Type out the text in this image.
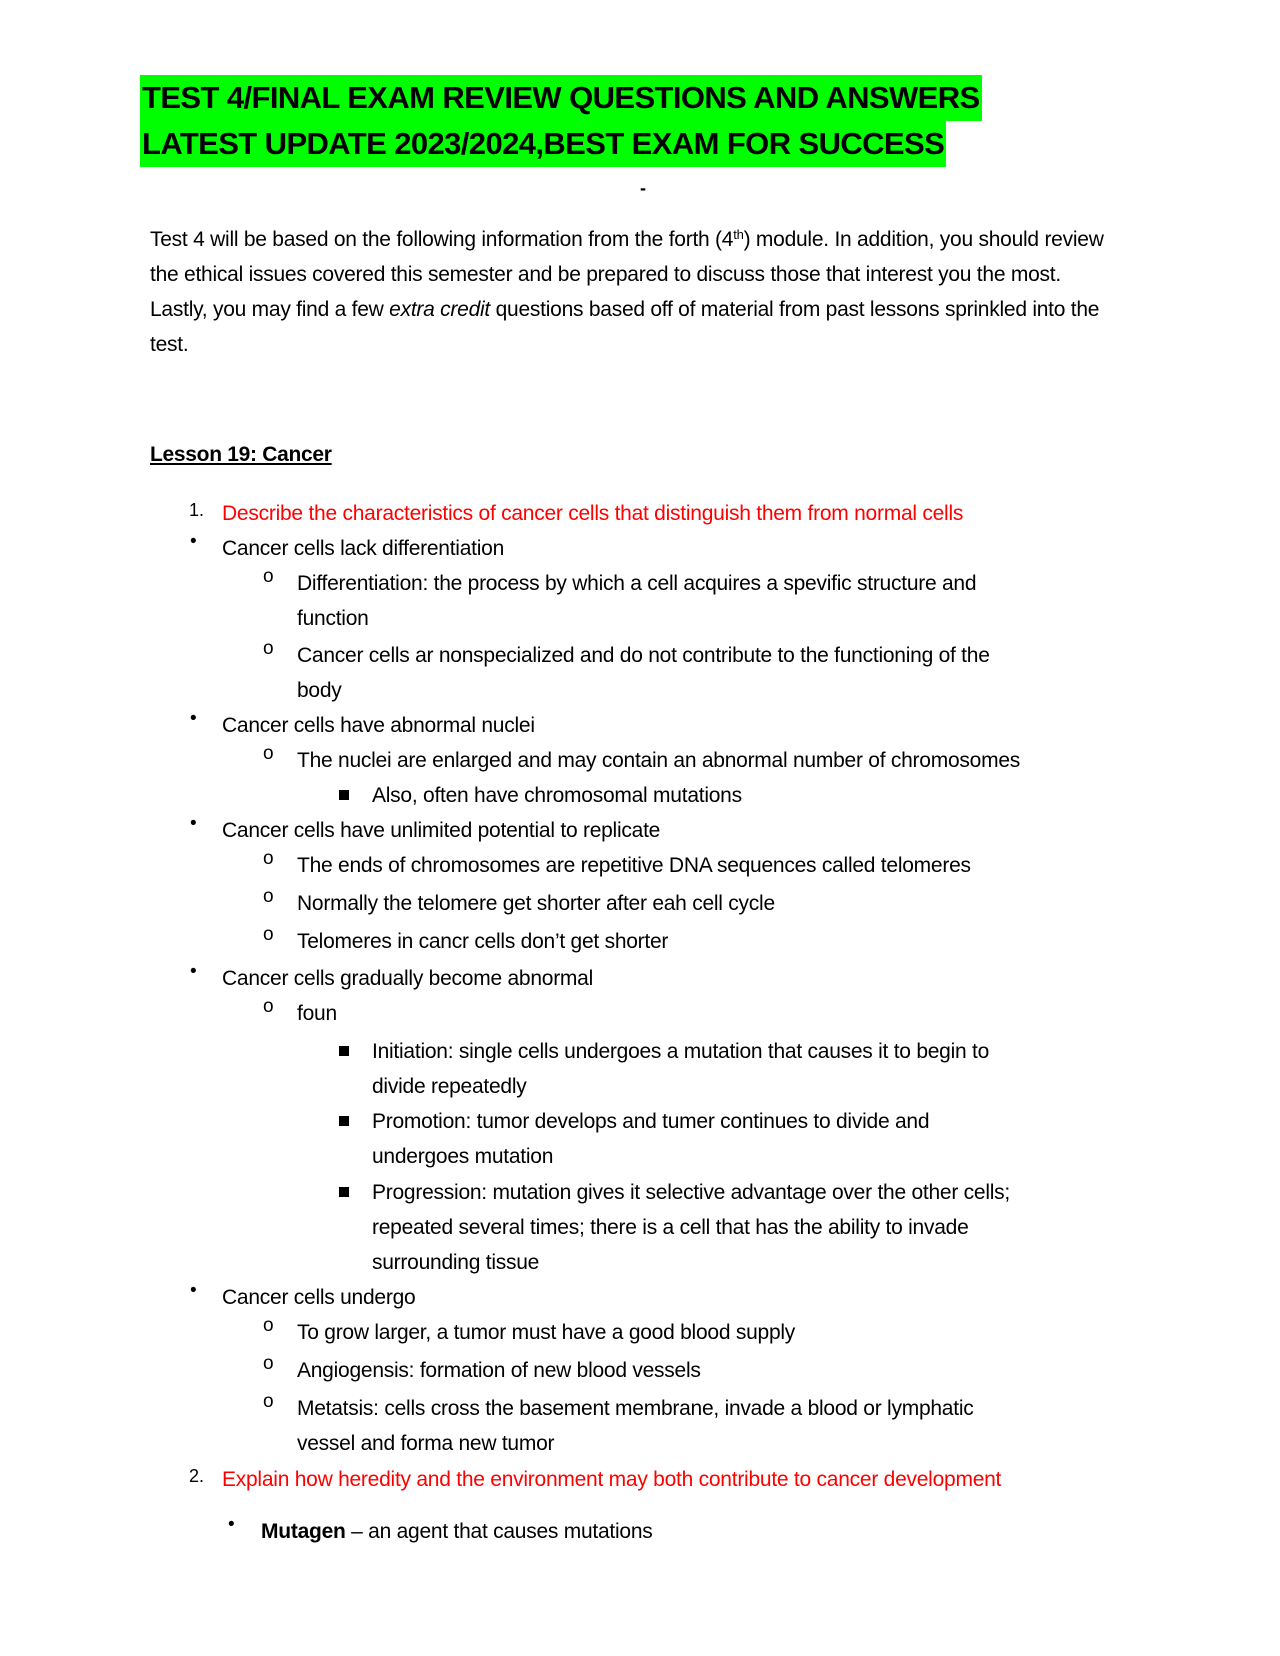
TEST 4/FINAL EXAM REVIEW QUESTIONS AND ANSWERS
LATEST UPDATE 2023/2024,BEST EXAM FOR SUCCESS
-
Test 4 will be based on the following information from the forth (4th) module. In addition, you should review the ethical issues covered this semester and be prepared to discuss those that interest you the most. Lastly, you may find a few extra credit questions based off of material from past lessons sprinkled into the test.
Lesson 19: Cancer
1. Describe the characteristics of cancer cells that distinguish them from normal cells
• Cancer cells lack differentiation
o Differentiation: the process by which a cell acquires a spevific structure and
function
o Cancer cells ar nonspecialized and do not contribute to the functioning of the
body
• Cancer cells have abnormal nuclei
o The nuclei are enlarged and may contain an abnormal number of chromosomes
Also, often have chromosomal mutations
• Cancer cells have unlimited potential to replicate
o The ends of chromosomes are repetitive DNA sequences called telomeres
o Normally the telomere get shorter after eah cell cycle
o Telomeres in cancr cells don’t get shorter
• Cancer cells gradually become abnormal
o foun
Initiation: single cells undergoes a mutation that causes it to begin to
divide repeatedly
Promotion: tumor develops and tumer continues to divide and
undergoes mutation
Progression: mutation gives it selective advantage over the other cells;
repeated several times; there is a cell that has the ability to invade
surrounding tissue
• Cancer cells undergo
o To grow larger, a tumor must have a good blood supply
o Angiogensis: formation of new blood vessels
o Metatsis: cells cross the basement membrane, invade a blood or lymphatic
vessel and forma new tumor
2. Explain how heredity and the environment may both contribute to cancer development
• Mutagen – an agent that causes mutations
